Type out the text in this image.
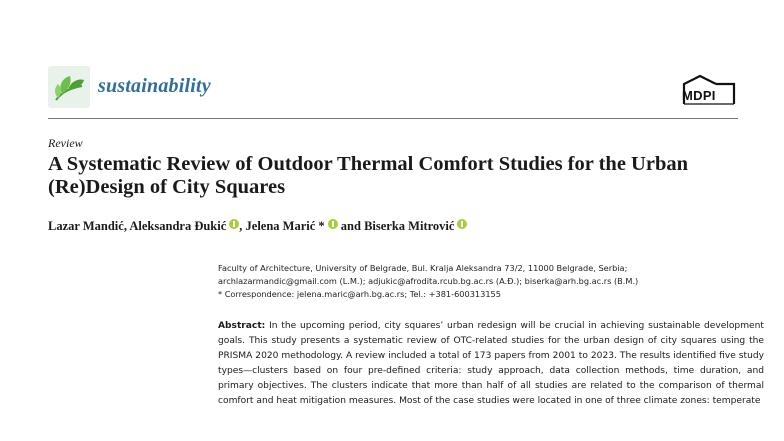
sustainability	MDPI
Review
A Systematic Review of Outdoor Thermal Comfort Studies for the Urban (Re)Design of City Squares
Lazar Mandić, Aleksandra Đukić , Jelena Marić * and Biserka Mitrović
Faculty of Architecture, University of Belgrade, Bul. Kralja Aleksandra 73/2, 11000 Belgrade, Serbia;
archlazarmandic@gmail.com (L.M.); adjukic@afrodita.rcub.bg.ac.rs (A.Đ.); biserka@arh.bg.ac.rs (B.M.)
* Correspondence: jelena.maric@arh.bg.ac.rs; Tel.: +381-600313155
Abstract: In the upcoming period, city squares’ urban redesign will be crucial in achieving sustainable development goals. This study presents a systematic review of OTC-related studies for the urban design of city squares using the PRISMA 2020 methodology. A review included a total of 173 papers from 2001 to 2023. The results identified five study types—clusters based on four pre-defined criteria: study approach, data collection methods, time duration, and primary objectives. The clusters indicate that more than half of all studies are related to the comparison of thermal comfort and heat mitigation measures. Most of the case studies were located in one of three climate zones: temperate
